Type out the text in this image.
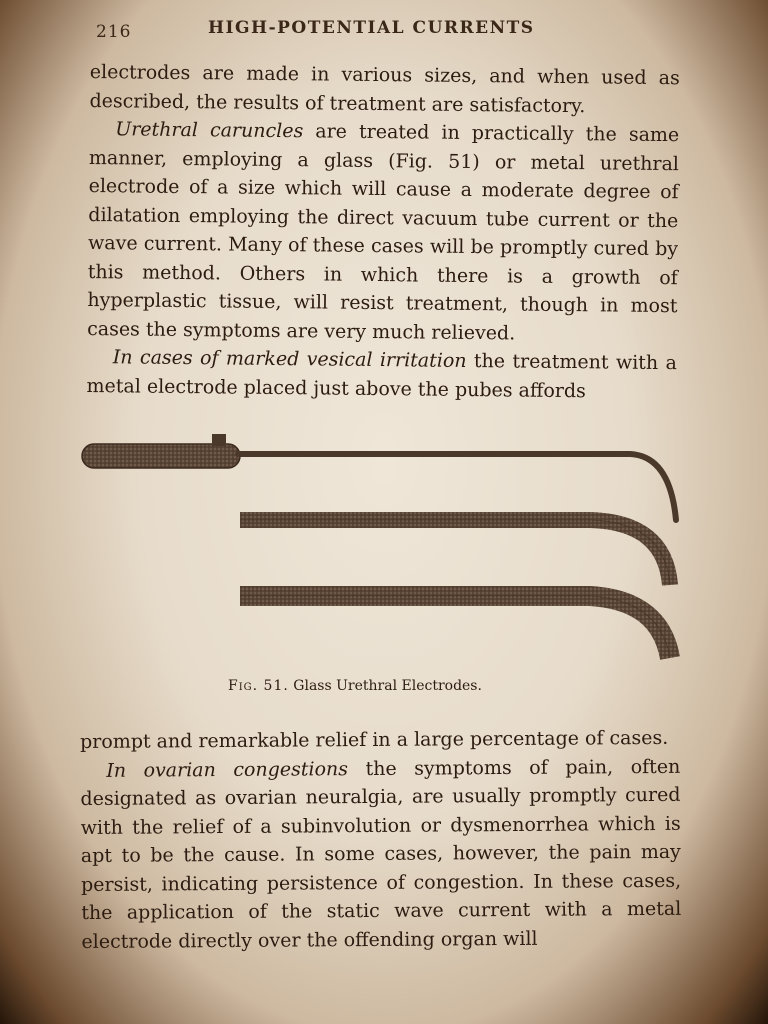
216	HIGH-POTENTIAL CURRENTS

electrodes are made in various sizes, and when used as described, the results of treatment are satisfactory.

Urethral caruncles are treated in practically the same manner, employing a glass (Fig. 51) or metal urethral electrode of a size which will cause a moderate degree of dilatation employing the direct vacuum tube current or the wave current. Many of these cases will be promptly cured by this method. Others in which there is a growth of hyperplastic tissue, will resist treatment, though in most cases the symptoms are very much relieved.

In cases of marked vesical irritation the treatment with a metal electrode placed just above the pubes affords

Fig. 51. Glass Urethral Electrodes.

prompt and remarkable relief in a large percentage of cases.

In ovarian congestions the symptoms of pain, often designated as ovarian neuralgia, are usually promptly cured with the relief of a subinvolution or dysmenorrhea which is apt to be the cause. In some cases, however, the pain may persist, indicating persistence of congestion. In these cases, the application of the static wave current with a metal electrode directly over the offending organ will
